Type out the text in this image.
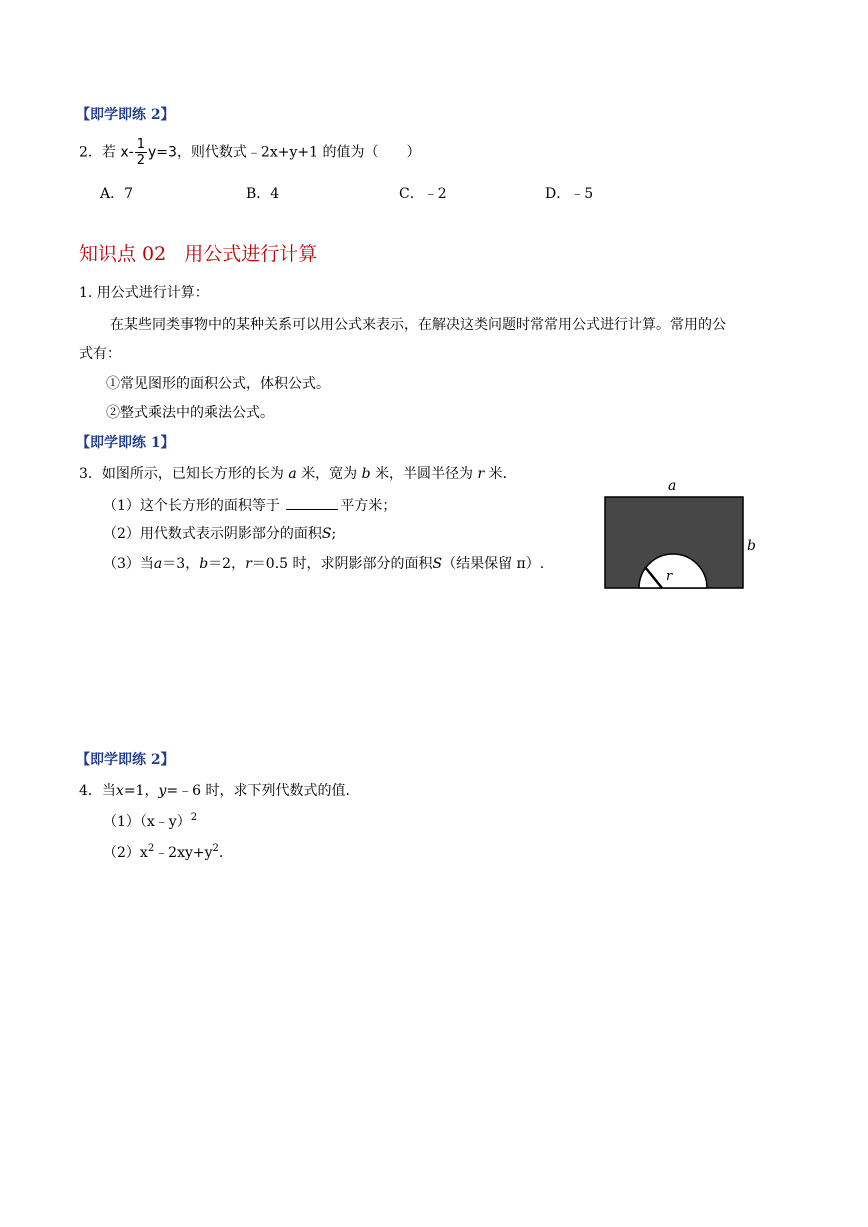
【即学即练 2】
2．若 $x- \frac{1}{2} y=3$，则代数式﹣2x+y+1 的值为（　　）
A．7	B．4	C．﹣2	D．﹣5
知识点 02 用公式进行计算
1. 用公式进行计算：
在某些同类事物中的某种关系可以用公式来表示，在解决这类问题时常常用公式进行计算。常用的公
式有：
①常见图形的面积公式，体积公式。
②整式乘法中的乘法公式。
【即学即练 1】
3．如图所示，已知长方形的长为 a 米，宽为 b 米，半圆半径为 r 米．
（1）这个长方形的面积等于	平方米；
（2）用代数式表示阴影部分的面积S;
（3）当a＝3，b＝2，r＝0.5 时，求阴影部分的面积S（结果保留 π）.
a
b
r
【即学即练 2】
4．当x=1，y=﹣6 时，求下列代数式的值．
（1）（x﹣y）$^2$
$(2)x^2﹣2xy+y^2$.
